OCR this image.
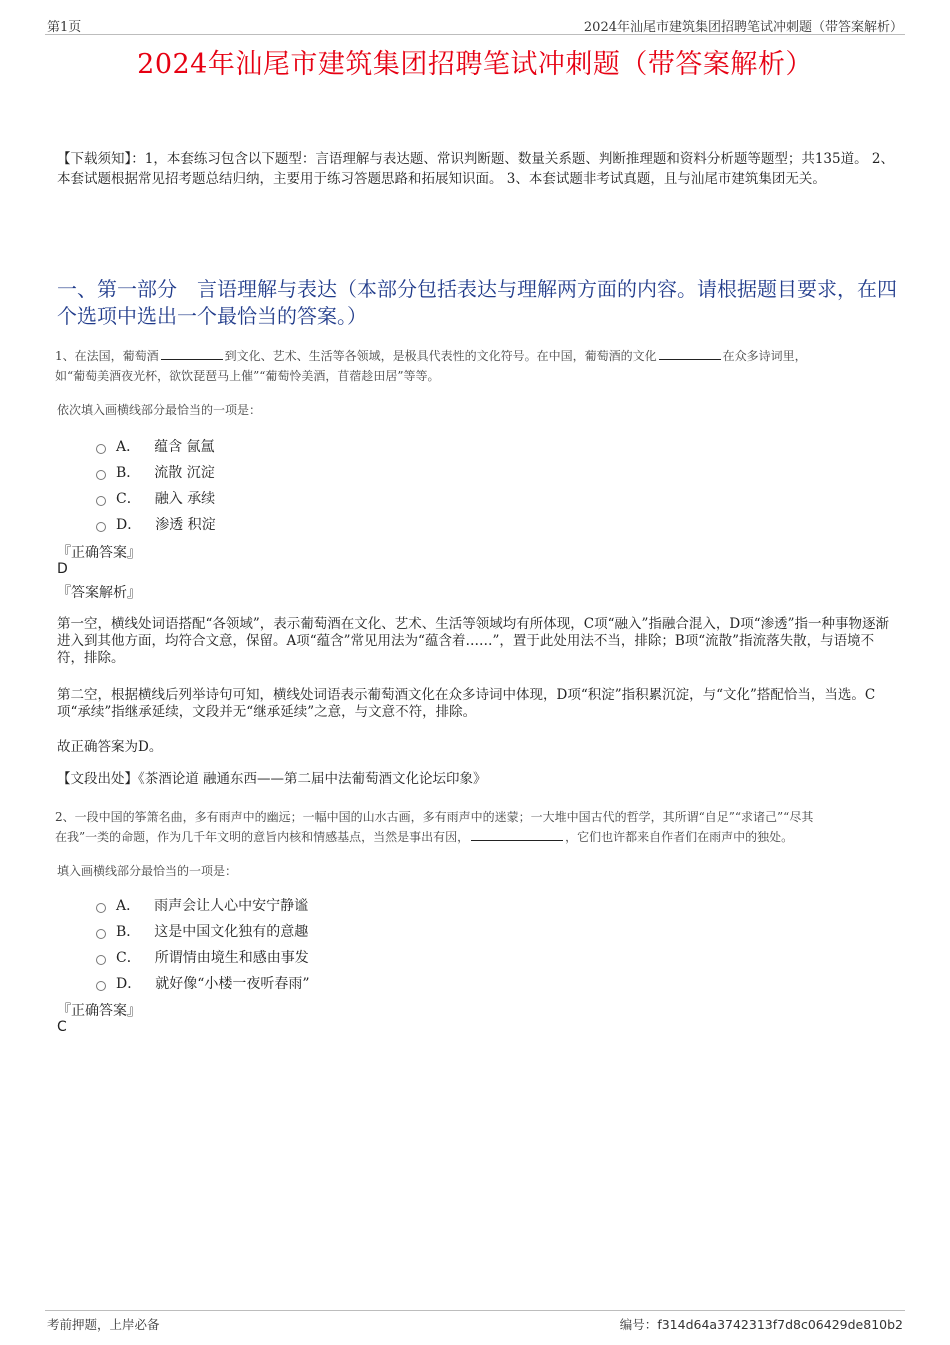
第1页	2024年汕尾市建筑集团招聘笔试冲刺题（带答案解析）
2024年汕尾市建筑集团招聘笔试冲刺题（带答案解析）
【下载须知】：1，本套练习包含以下题型：言语理解与表达题、常识判断题、数量关系题、判断推理题和资料分析题等题型；共135道。 2、本套试题根据常见招考题总结归纳，主要用于练习答题思路和拓展知识面。 3、本套试题非考试真题，且与汕尾市建筑集团无关。
一、第一部分　言语理解与表达（本部分包括表达与理解两方面的内容。请根据题目要求，在四个选项中选出一个最恰当的答案。）
1、在法国，葡萄酒	到文化、艺术、生活等各领域，是极具代表性的文化符号。在中国，葡萄酒的文化	在众多诗词里，
如“葡萄美酒夜光杯，欲饮琵琶马上催”“葡萄怜美酒，苜蓿趁田居”等等。
依次填入画横线部分最恰当的一项是：
A． 蕴含 氤氲
B． 流散 沉淀
C． 融入 承续
D． 渗透 积淀
『正确答案』
D
『答案解析』
第一空，横线处词语搭配“各领域”，表示葡萄酒在文化、艺术、生活等领域均有所体现，C项“融入”指融合混入，D项“渗透”指一种事物逐渐进入到其他方面，均符合文意，保留。A项“蕴含”常见用法为“蕴含着……”，置于此处用法不当，排除；B项“流散”指流落失散，与语境不符，排除。
第二空，根据横线后列举诗句可知，横线处词语表示葡萄酒文化在众多诗词中体现，D项“积淀”指积累沉淀，与“文化”搭配恰当，当选。C项“承续”指继承延续，文段并无“继承延续”之意，与文意不符，排除。
故正确答案为D。
【文段出处】《茶酒论道 融通东西——第二届中法葡萄酒文化论坛印象》
2、一段中国的筝箫名曲，多有雨声中的幽远；一幅中国的山水古画，多有雨声中的迷蒙；一大堆中国古代的哲学，其所谓“自足”“求诸己”“尽其
在我”一类的命题，作为几千年文明的意旨内核和情感基点，当然是事出有因，	，它们也许都来自作者们在雨声中的独处。
填入画横线部分最恰当的一项是：
A． 雨声会让人心中安宁静谧
B． 这是中国文化独有的意趣
C． 所谓情由境生和感由事发
D． 就好像“小楼一夜听春雨”
『正确答案』
C
考前押题，上岸必备	编号：f314d64a3742313f7d8c06429de810b2
